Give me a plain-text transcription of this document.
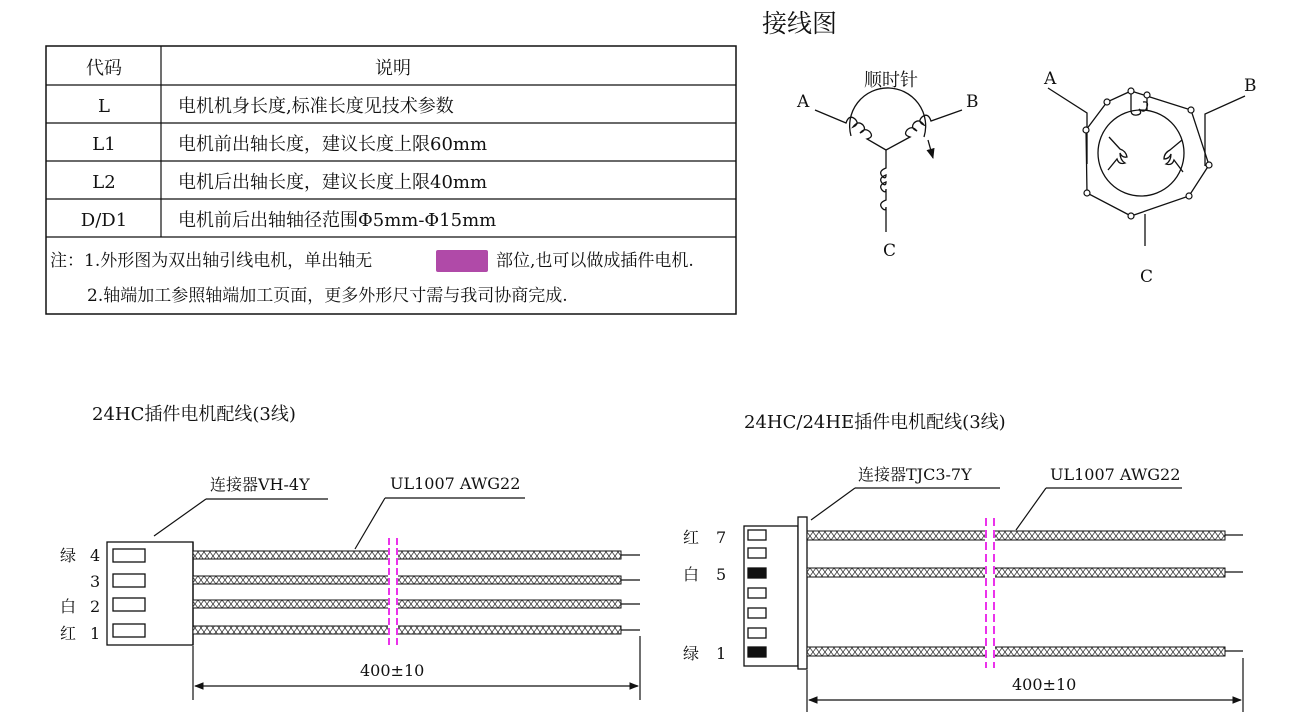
代码	说明
L	电机机身长度,标准长度见技术参数
L1	电机前出轴长度，建议长度上限60mm
L2	电机后出轴长度，建议长度上限40mm
D/D1	电机前后出轴轴径范围Φ5mm-Φ15mm
注：1.外形图为双出轴引线电机，单出轴无	部位,也可以做成插件电机.
2.轴端加工参照轴端加工页面，更多外形尺寸需与我司协商完成.
接线图
顺时针
A	B
C
A	B
C
24HC插件电机配线(3线)
连接器VH-4Y	UL1007 AWG22
400±10
绿 4
3
白 2
红 1
24HC/24HE插件电机配线(3线)
连接器TJC3-7Y	UL1007 AWG22
400±10
红 7
白 5
绿 1
